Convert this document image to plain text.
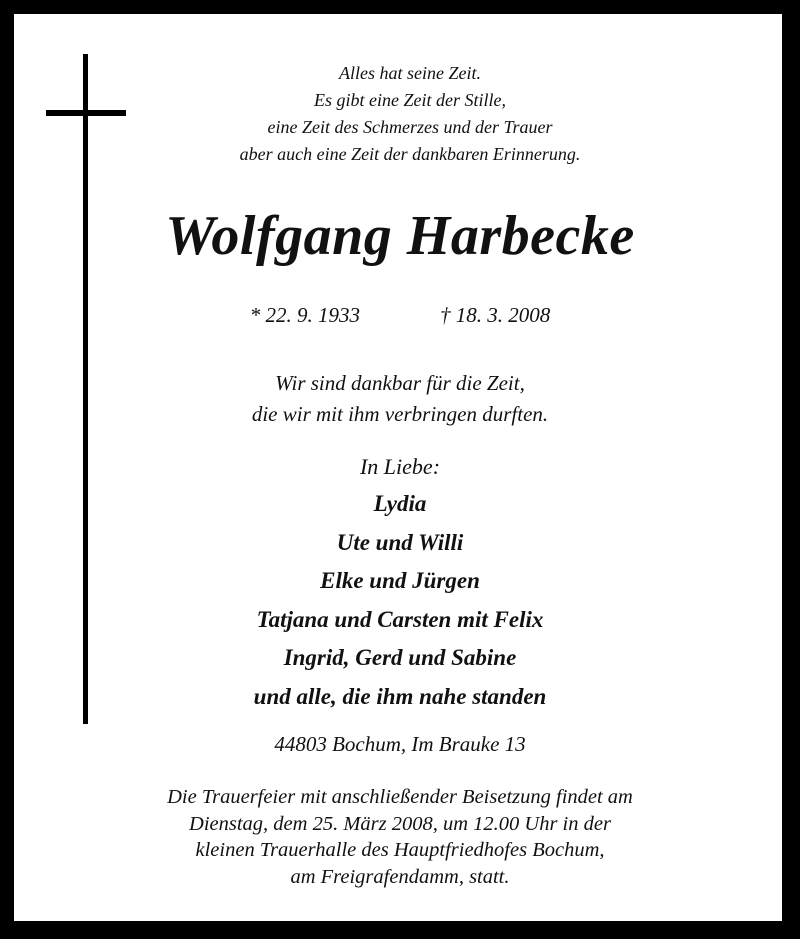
Alles hat seine Zeit.
Es gibt eine Zeit der Stille,
eine Zeit des Schmerzes und der Trauer
aber auch eine Zeit der dankbaren Erinnerung.
Wolfgang Harbecke
* 22. 9. 1933	† 18. 3. 2008
Wir sind dankbar für die Zeit,
die wir mit ihm verbringen durften.
In Liebe:
Lydia
Ute und Willi
Elke und Jürgen
Tatjana und Carsten mit Felix
Ingrid, Gerd und Sabine
und alle, die ihm nahe standen
44803 Bochum, Im Brauke 13
Die Trauerfeier mit anschließender Beisetzung findet am
Dienstag, dem 25. März 2008, um 12.00 Uhr in der
kleinen Trauerhalle des Hauptfriedhofes Bochum,
am Freigrafendamm, statt.
